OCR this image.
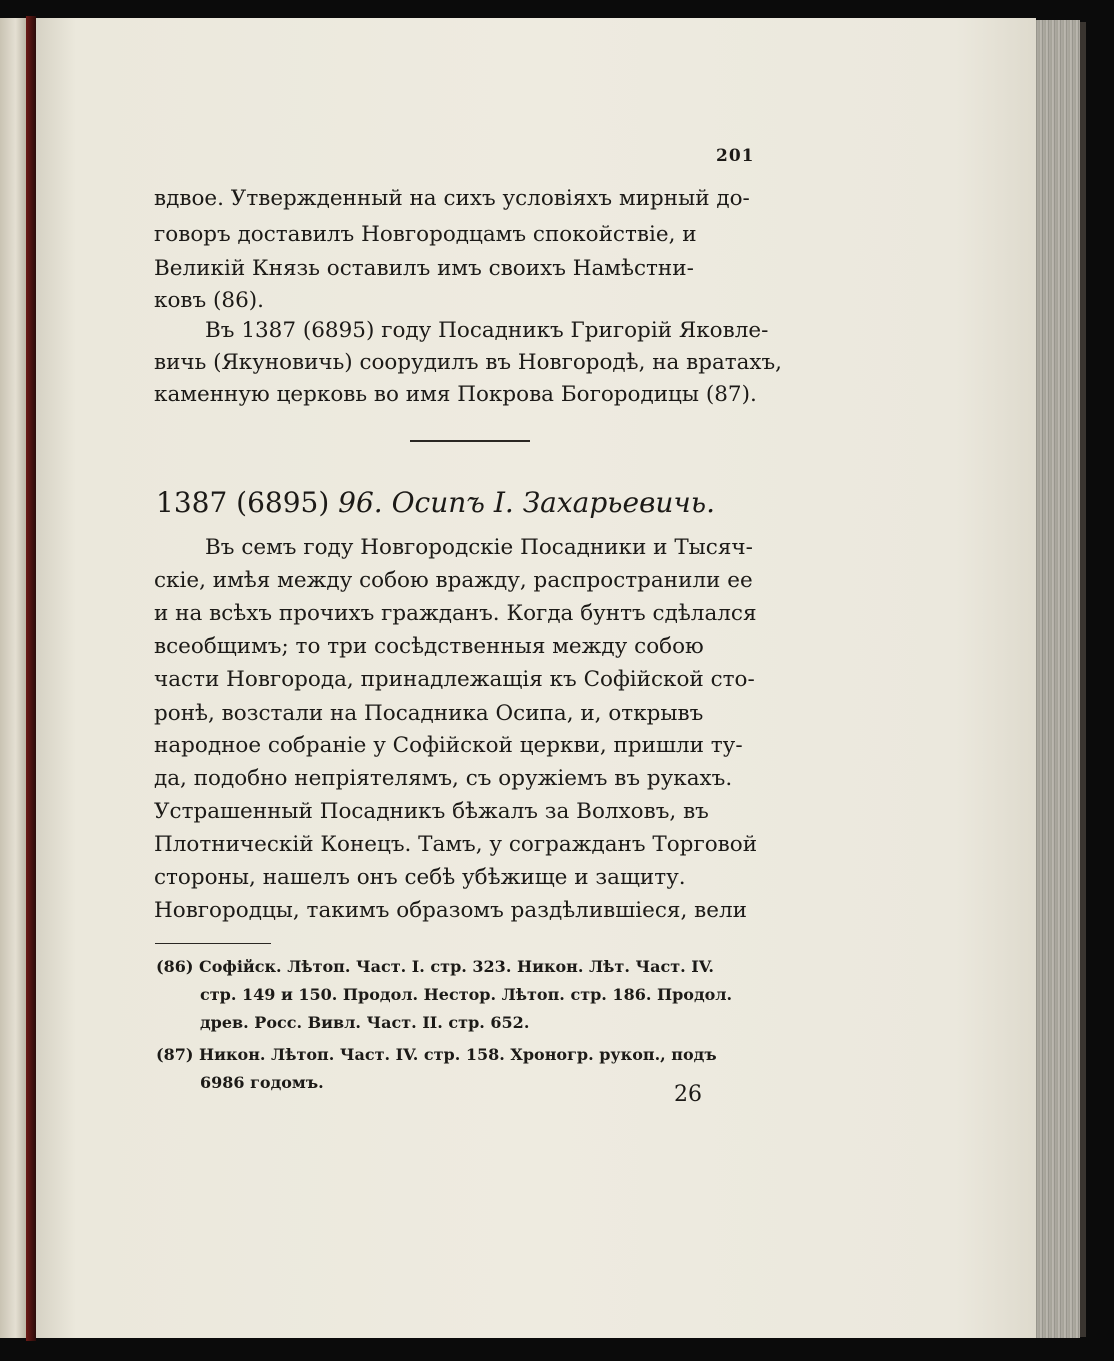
201
вдвое. Утвержденный на сихъ условіяхъ мирный до-
говоръ доставилъ Новгородцамъ спокойствіе, и
Великій Князь оставилъ имъ своихъ Намѣстни-
ковъ (86).
Въ 1387 (6895) году Посадникъ Григорій Яковле-
вичь (Якуновичь) соорудилъ въ Новгородѣ, на вратахъ,
каменную церковь во имя Покрова Богородицы (87).
1387 (6895) 96. Осипъ I. Захарьевичь.
Въ семъ году Новгородскіе Посадники и Тысяч-
скіе, имѣя между собою вражду, распространили ее
и на всѣхъ прочихъ гражданъ. Когда бунтъ сдѣлался
всеобщимъ; то три сосѣдственныя между собою
части Новгорода, принадлежащія къ Софійской сто-
ронѣ, возстали на Посадника Осипа, и, открывъ
народное собраніе у Софійской церкви, пришли ту-
да, подобно непріятелямъ, съ оружіемъ въ рукахъ.
Устрашенный Посадникъ бѣжалъ за Волховъ, въ
Плотническій Конецъ. Тамъ, у согражданъ Торговой
стороны, нашелъ онъ себѣ убѣжище и защиту.
Новгородцы, такимъ образомъ раздѣлившіеся, вели
(86) Софійск. Лѣтоп. Част. I. стр. 323. Никон. Лѣт. Част. IV.
стр. 149 и 150. Продол. Нестор. Лѣтоп. стр. 186. Продол.
древ. Росс. Вивл. Част. II. стр. 652.
(87) Никон. Лѣтоп. Част. IV. стр. 158. Хроногр. рукоп., подъ
6986 годомъ.	26
